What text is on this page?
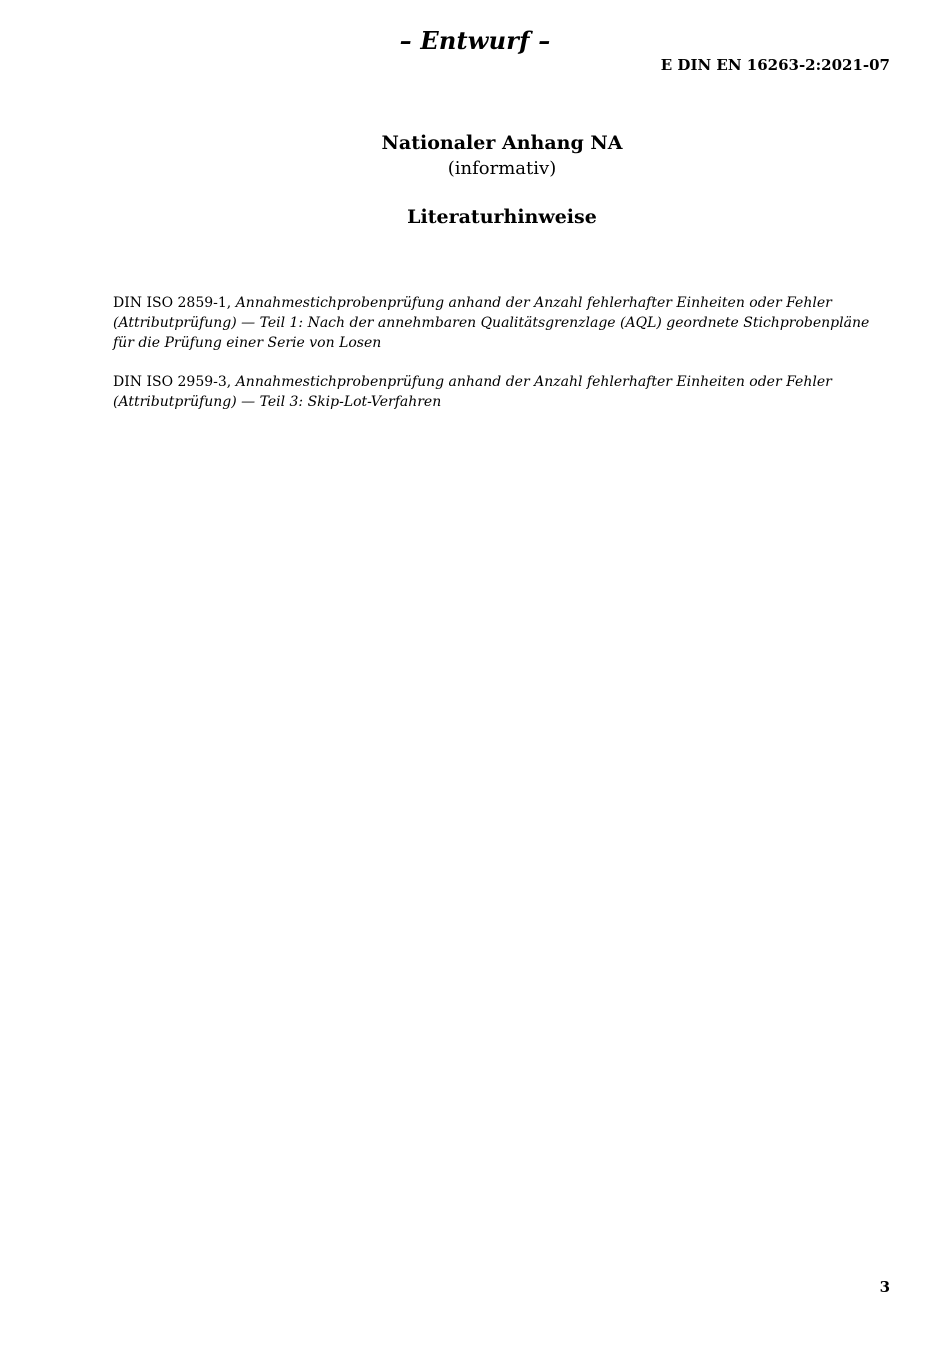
– Entwurf –
E DIN EN 16263-2:2021-07
Nationaler Anhang NA
(informativ)
Literaturhinweise

DIN ISO 2859-1, Annahmestichprobenprüfung anhand der Anzahl fehlerhafter Einheiten oder Fehler (Attributprüfung) — Teil 1: Nach der annehmbaren Qualitätsgrenzlage (AQL) geordnete Stichprobenpläne für die Prüfung einer Serie von Losen

DIN ISO 2959-3, Annahmestichprobenprüfung anhand der Anzahl fehlerhafter Einheiten oder Fehler (Attributprüfung) — Teil 3: Skip-Lot-Verfahren

3
